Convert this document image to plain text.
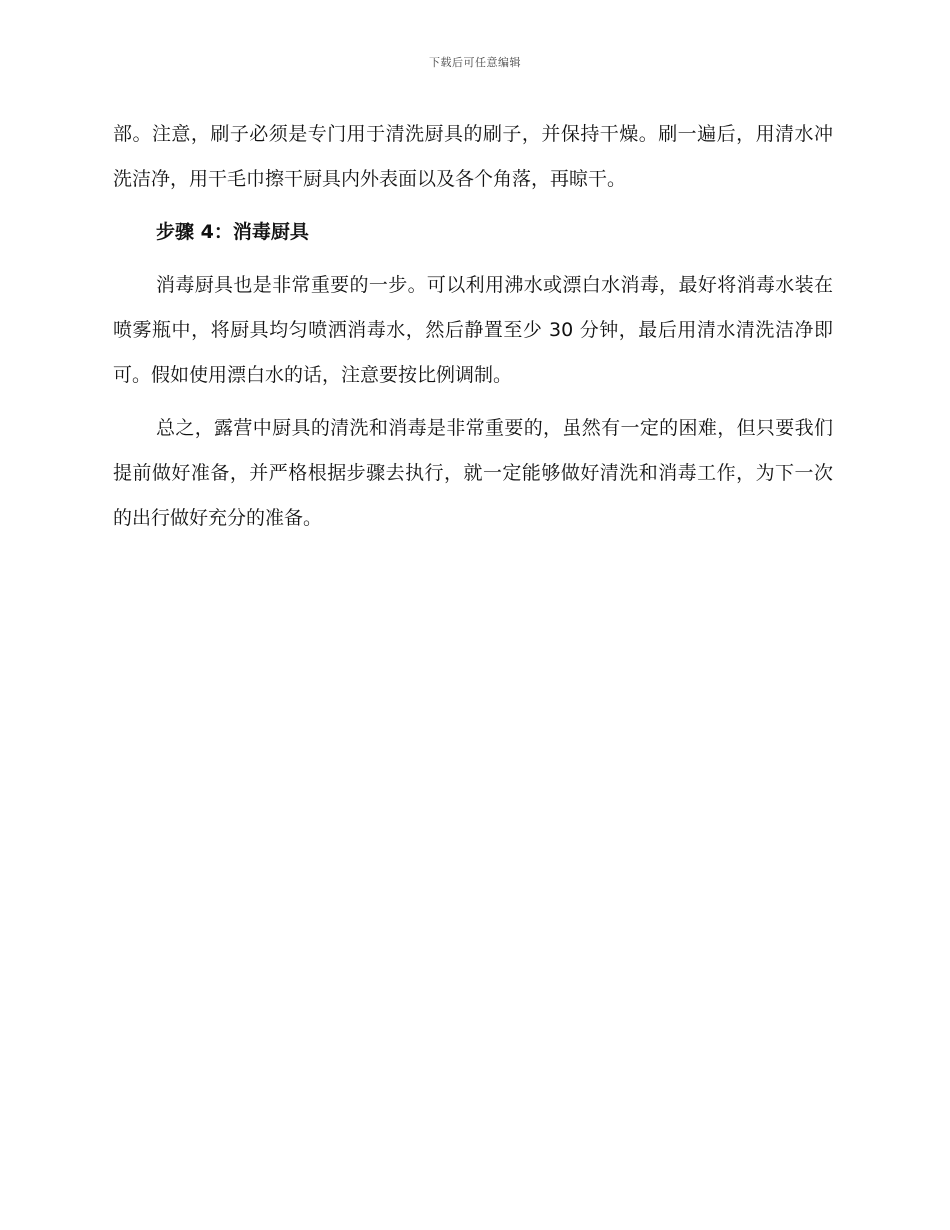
下载后可任意编辑

部。注意，刷子必须是专门用于清洗厨具的刷子，并保持干燥。刷一遍后，用清水冲洗洁净，用干毛巾擦干厨具内外表面以及各个角落，再晾干。

步骤 4：消毒厨具

消毒厨具也是非常重要的一步。可以利用沸水或漂白水消毒，最好将消毒水装在喷雾瓶中，将厨具均匀喷洒消毒水，然后静置至少 30 分钟，最后用清水清洗洁净即可。假如使用漂白水的话，注意要按比例调制。

总之，露营中厨具的清洗和消毒是非常重要的，虽然有一定的困难，但只要我们提前做好准备，并严格根据步骤去执行，就一定能够做好清洗和消毒工作，为下一次的出行做好充分的准备。
